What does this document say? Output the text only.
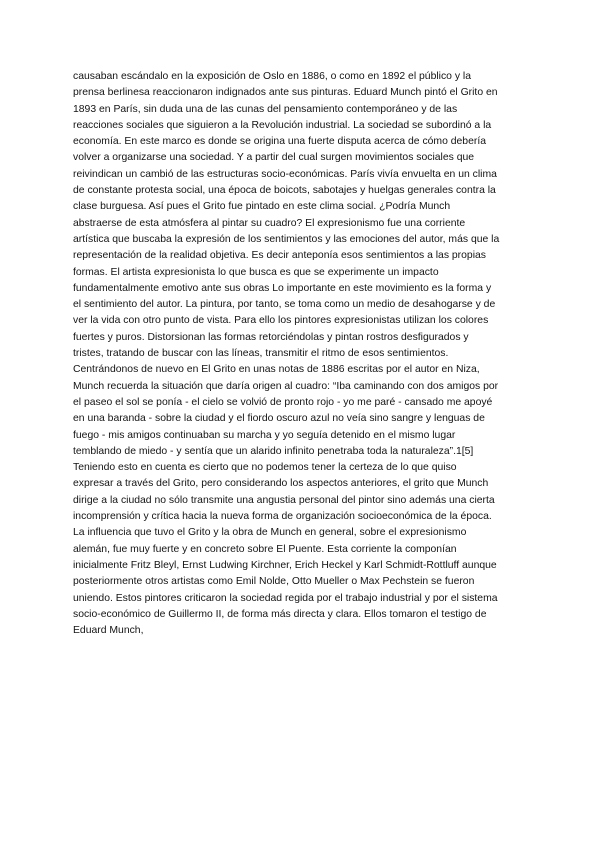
causaban escándalo en la exposición de Oslo en 1886, o como en 1892 el público y la
prensa berlinesa reaccionaron indignados ante sus pinturas. Eduard Munch pintó el Grito en
1893 en París, sin duda una de las cunas del pensamiento contemporáneo y de las
reacciones sociales que siguieron a la Revolución industrial. La sociedad se subordinó a la
economía. En este marco es donde se origina una fuerte disputa acerca de cómo debería
volver a organizarse una sociedad. Y a partir del cual surgen movimientos sociales que
reivindican un cambió de las estructuras socio-económicas. París vivía envuelta en un clima
de constante protesta social, una época de boicots, sabotajes y huelgas generales contra la
clase burguesa. Así pues el Grito fue pintado en este clima social. ¿Podría Munch
abstraerse de esta atmósfera al pintar su cuadro? El expresionismo fue una corriente
artística que buscaba la expresión de los sentimientos y las emociones del autor, más que la
representación de la realidad objetiva. Es decir anteponía esos sentimientos a las propias
formas. El artista expresionista lo que busca es que se experimente un impacto
fundamentalmente emotivo ante sus obras Lo importante en este movimiento es la forma y
el sentimiento del autor. La pintura, por tanto, se toma como un medio de desahogarse y de
ver la vida con otro punto de vista. Para ello los pintores expresionistas utilizan los colores
fuertes y puros. Distorsionan las formas retorciéndolas y pintan rostros desfigurados y
tristes, tratando de buscar con las líneas, transmitir el ritmo de esos sentimientos.
Centrándonos de nuevo en El Grito en unas notas de 1886 escritas por el autor en Niza,
Munch recuerda la situación que daría origen al cuadro: “Iba caminando con dos amigos por
el paseo el sol se ponía - el cielo se volvió de pronto rojo - yo me paré - cansado me apoyé
en una baranda - sobre la ciudad y el fiordo oscuro azul no veía sino sangre y lenguas de
fuego - mis amigos continuaban su marcha y yo seguía detenido en el mismo lugar
temblando de miedo - y sentía que un alarido infinito penetraba toda la naturaleza”.1[5]
Teniendo esto en cuenta es cierto que no podemos tener la certeza de lo que quiso
expresar a través del Grito, pero considerando los aspectos anteriores, el grito que Munch
dirige a la ciudad no sólo transmite una angustia personal del pintor sino además una cierta
incomprensión y crítica hacia la nueva forma de organización socioeconómica de la época.
La influencia que tuvo el Grito y la obra de Munch en general, sobre el expresionismo
alemán, fue muy fuerte y en concreto sobre El Puente. Esta corriente la componían
inicialmente Fritz Bleyl, Ernst Ludwing Kirchner, Erich Heckel y Karl Schmidt-Rottluff aunque
posteriormente otros artistas como Emil Nolde, Otto Mueller o Max Pechstein se fueron
uniendo. Estos pintores criticaron la sociedad regida por el trabajo industrial y por el sistema
socio-económico de Guillermo II, de forma más directa y clara. Ellos tomaron el testigo de
Eduard Munch,
